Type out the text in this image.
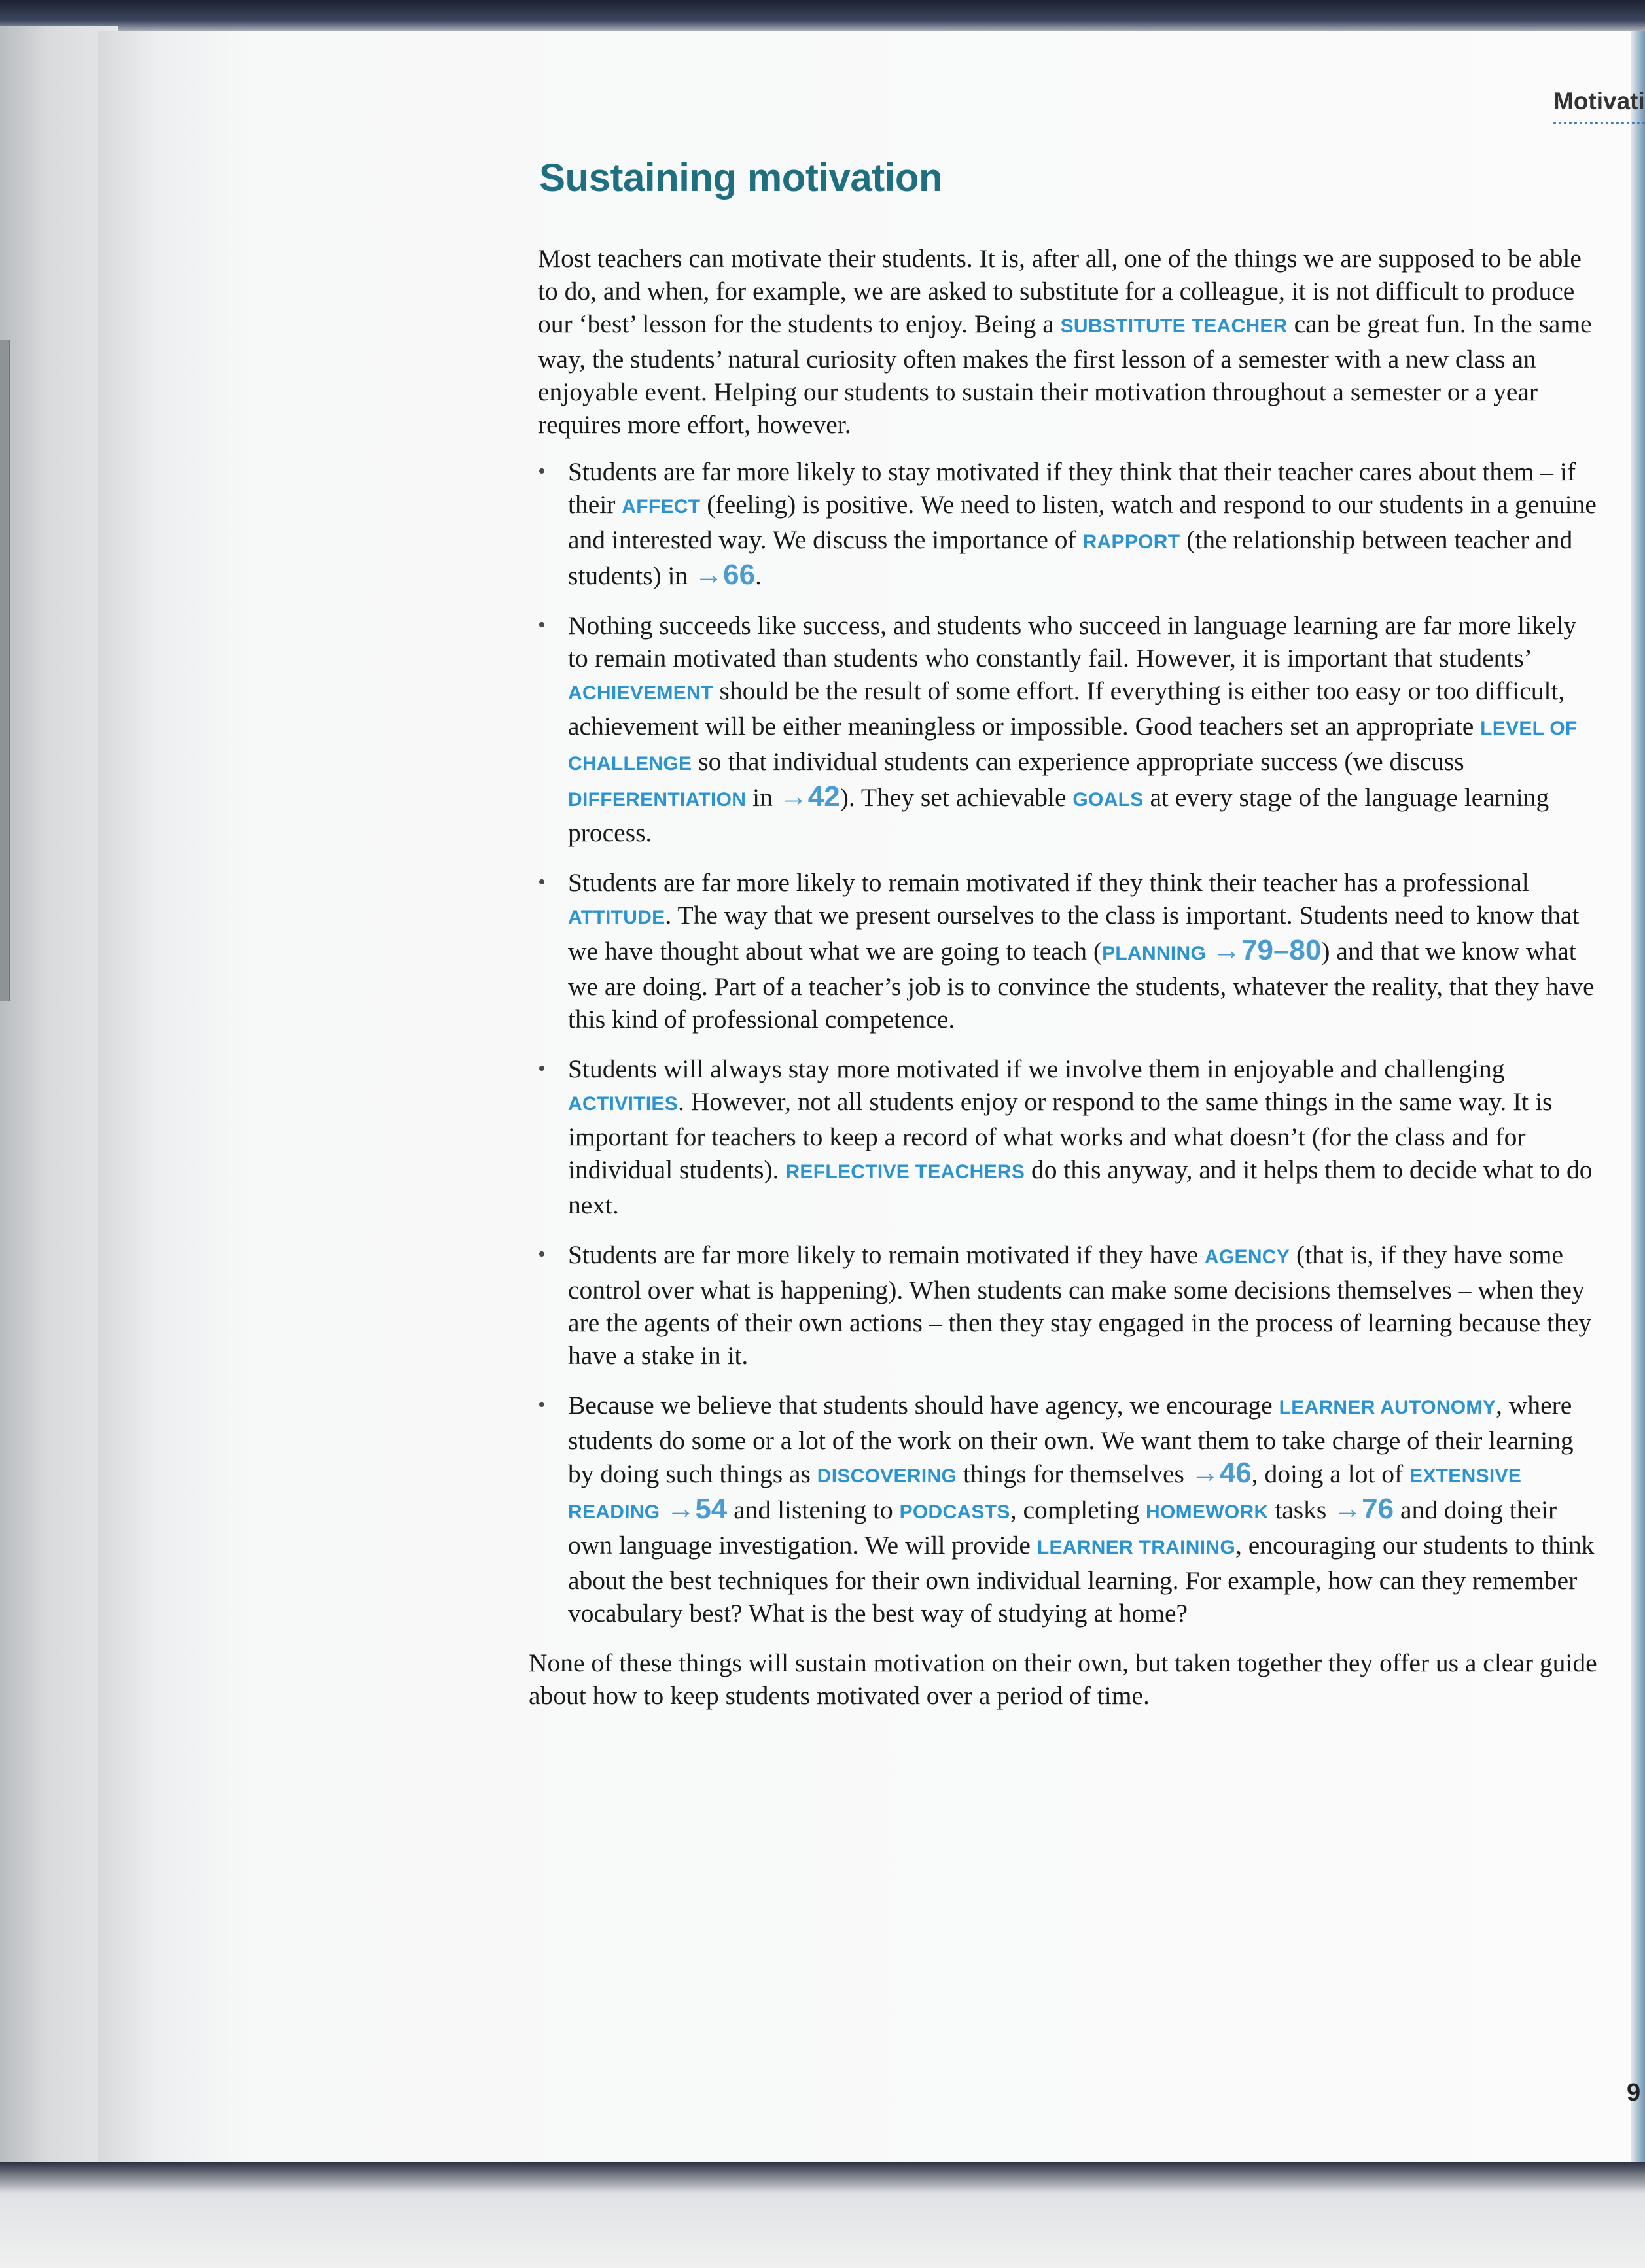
Motivati
Sustaining motivation

Most teachers can motivate their students. It is, after all, one of the things we are supposed to be able to do, and when, for example, we are asked to substitute for a colleague, it is not difficult to produce our ‘best’ lesson for the students to enjoy. Being a SUBSTITUTE TEACHER can be great fun. In the same way, the students’ natural curiosity often makes the first lesson of a semester with a new class an enjoyable event. Helping our students to sustain their motivation throughout a semester or a year requires more effort, however.

• Students are far more likely to stay motivated if they think that their teacher cares about them – if their AFFECT (feeling) is positive. We need to listen, watch and respond to our students in a genuine and interested way. We discuss the importance of RAPPORT (the relationship between teacher and students) in →66.
• Nothing succeeds like success, and students who succeed in language learning are far more likely to remain motivated than students who constantly fail. However, it is important that students’ ACHIEVEMENT should be the result of some effort. If everything is either too easy or too difficult, achievement will be either meaningless or impossible. Good teachers set an appropriate LEVEL OF CHALLENGE so that individual students can experience appropriate success (we discuss DIFFERENTIATION in →42). They set achievable GOALS at every stage of the language learning process.
• Students are far more likely to remain motivated if they think their teacher has a professional ATTITUDE. The way that we present ourselves to the class is important. Students need to know that we have thought about what we are going to teach (PLANNING →79–80) and that we know what we are doing. Part of a teacher’s job is to convince the students, whatever the reality, that they have this kind of professional competence.
• Students will always stay more motivated if we involve them in enjoyable and challenging ACTIVITIES. However, not all students enjoy or respond to the same things in the same way. It is important for teachers to keep a record of what works and what doesn’t (for the class and for individual students). REFLECTIVE TEACHERS do this anyway, and it helps them to decide what to do next.
• Students are far more likely to remain motivated if they have AGENCY (that is, if they have some control over what is happening). When students can make some decisions themselves – when they are the agents of their own actions – then they stay engaged in the process of learning because they have a stake in it.
• Because we believe that students should have agency, we encourage LEARNER AUTONOMY, where students do some or a lot of the work on their own. We want them to take charge of their learning by doing such things as DISCOVERING things for themselves →46, doing a lot of EXTENSIVE READING →54 and listening to PODCASTS, completing HOMEWORK tasks →76 and doing their own language investigation. We will provide LEARNER TRAINING, encouraging our students to think about the best techniques for their own individual learning. For example, how can they remember vocabulary best? What is the best way of studying at home?

None of these things will sustain motivation on their own, but taken together they offer us a clear guide about how to keep students motivated over a period of time.

9
